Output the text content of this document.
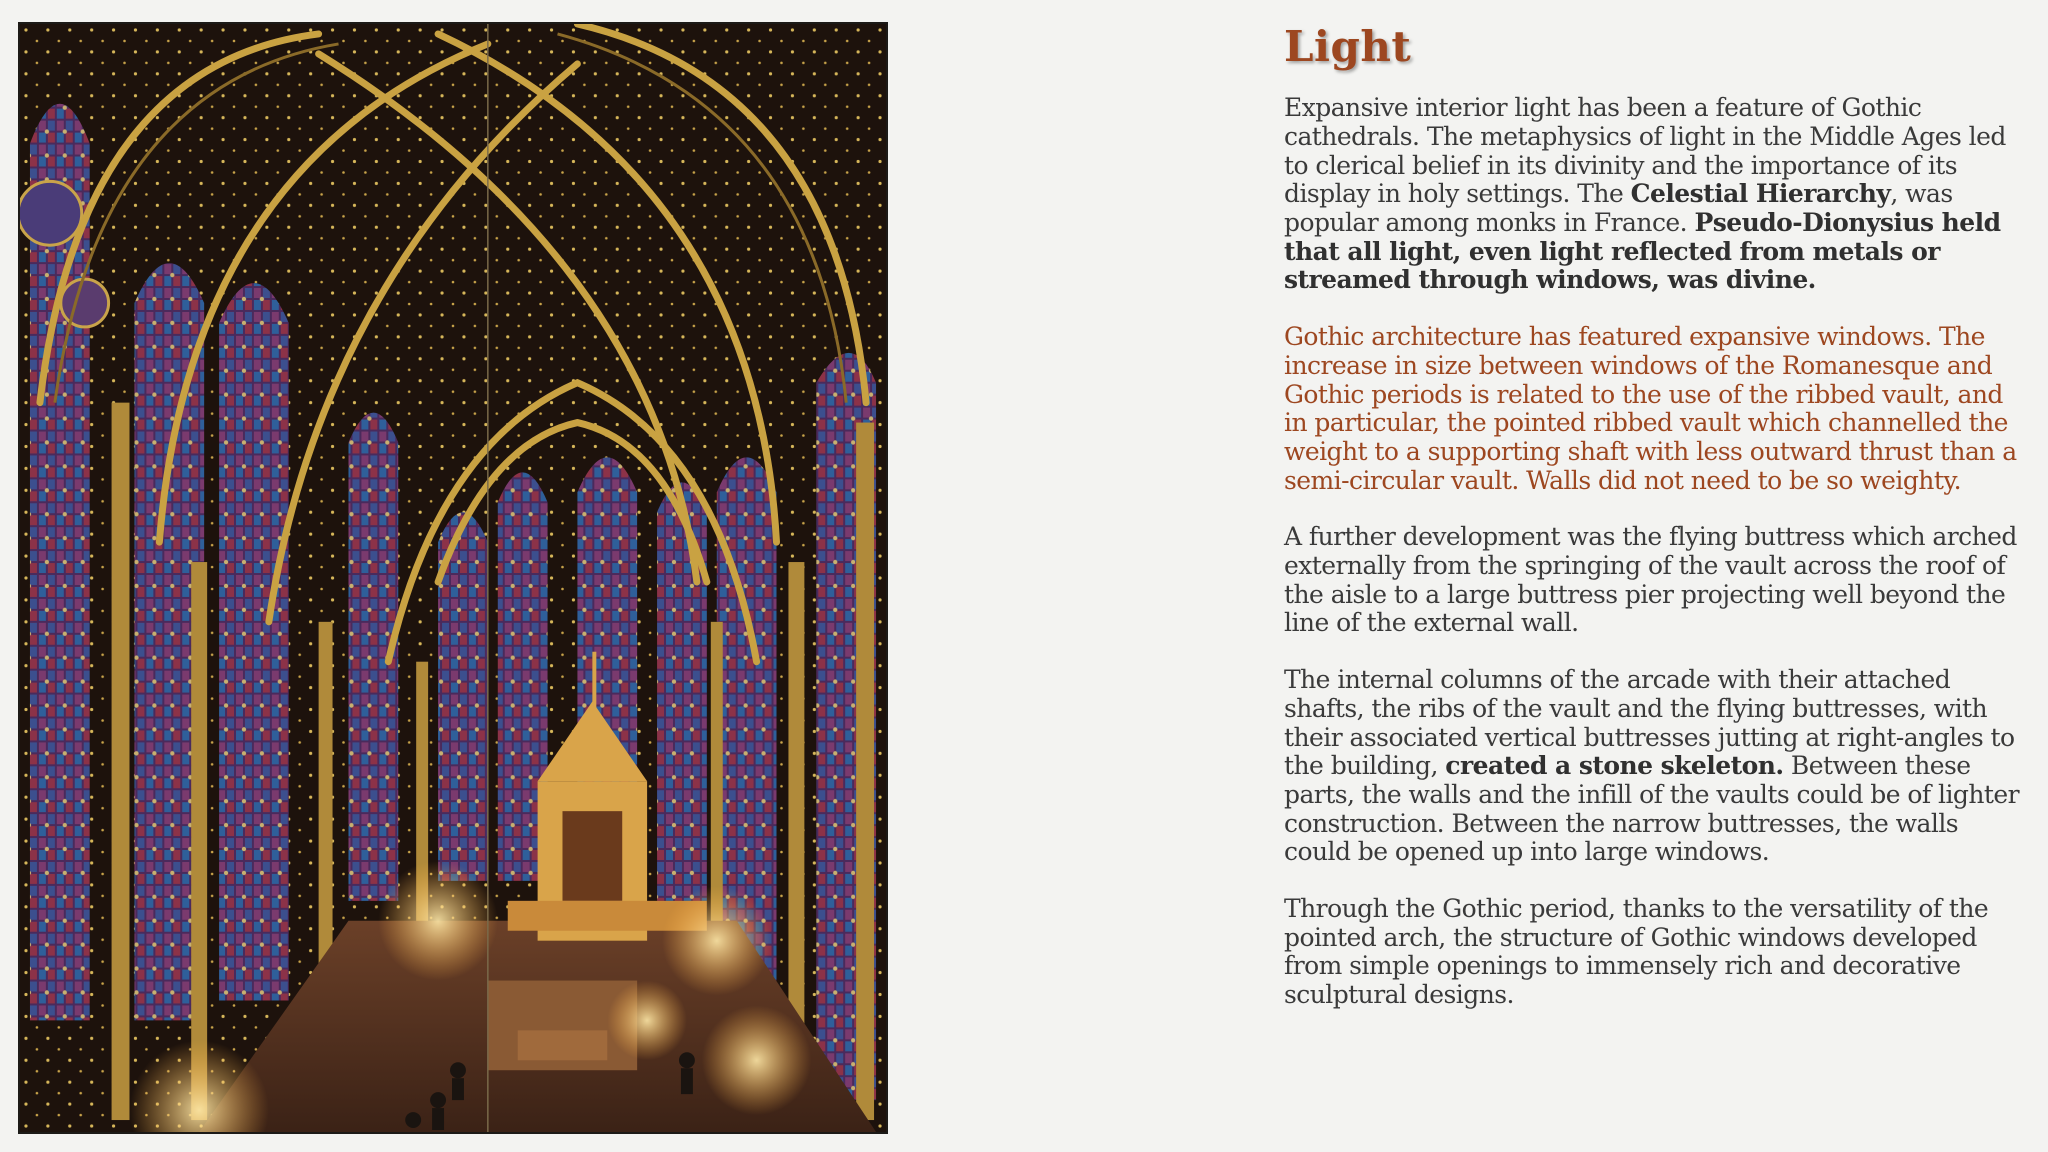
Light

Expansive interior light has been a feature of Gothic cathedrals. The metaphysics of light in the Middle Ages led to clerical belief in its divinity and the importance of its display in holy settings. The Celestial Hierarchy, was popular among monks in France. Pseudo-Dionysius held that all light, even light reflected from metals or streamed through windows, was divine.

Gothic architecture has featured expansive windows. The increase in size between windows of the Romanesque and Gothic periods is related to the use of the ribbed vault, and in particular, the pointed ribbed vault which channelled the weight to a supporting shaft with less outward thrust than a semi-circular vault. Walls did not need to be so weighty.

A further development was the flying buttress which arched externally from the springing of the vault across the roof of the aisle to a large buttress pier projecting well beyond the line of the external wall.

The internal columns of the arcade with their attached shafts, the ribs of the vault and the flying buttresses, with their associated vertical buttresses jutting at right-angles to the building, created a stone skeleton. Between these parts, the walls and the infill of the vaults could be of lighter construction. Between the narrow buttresses, the walls could be opened up into large windows.

Through the Gothic period, thanks to the versatility of the pointed arch, the structure of Gothic windows developed from simple openings to immensely rich and decorative sculptural designs.
